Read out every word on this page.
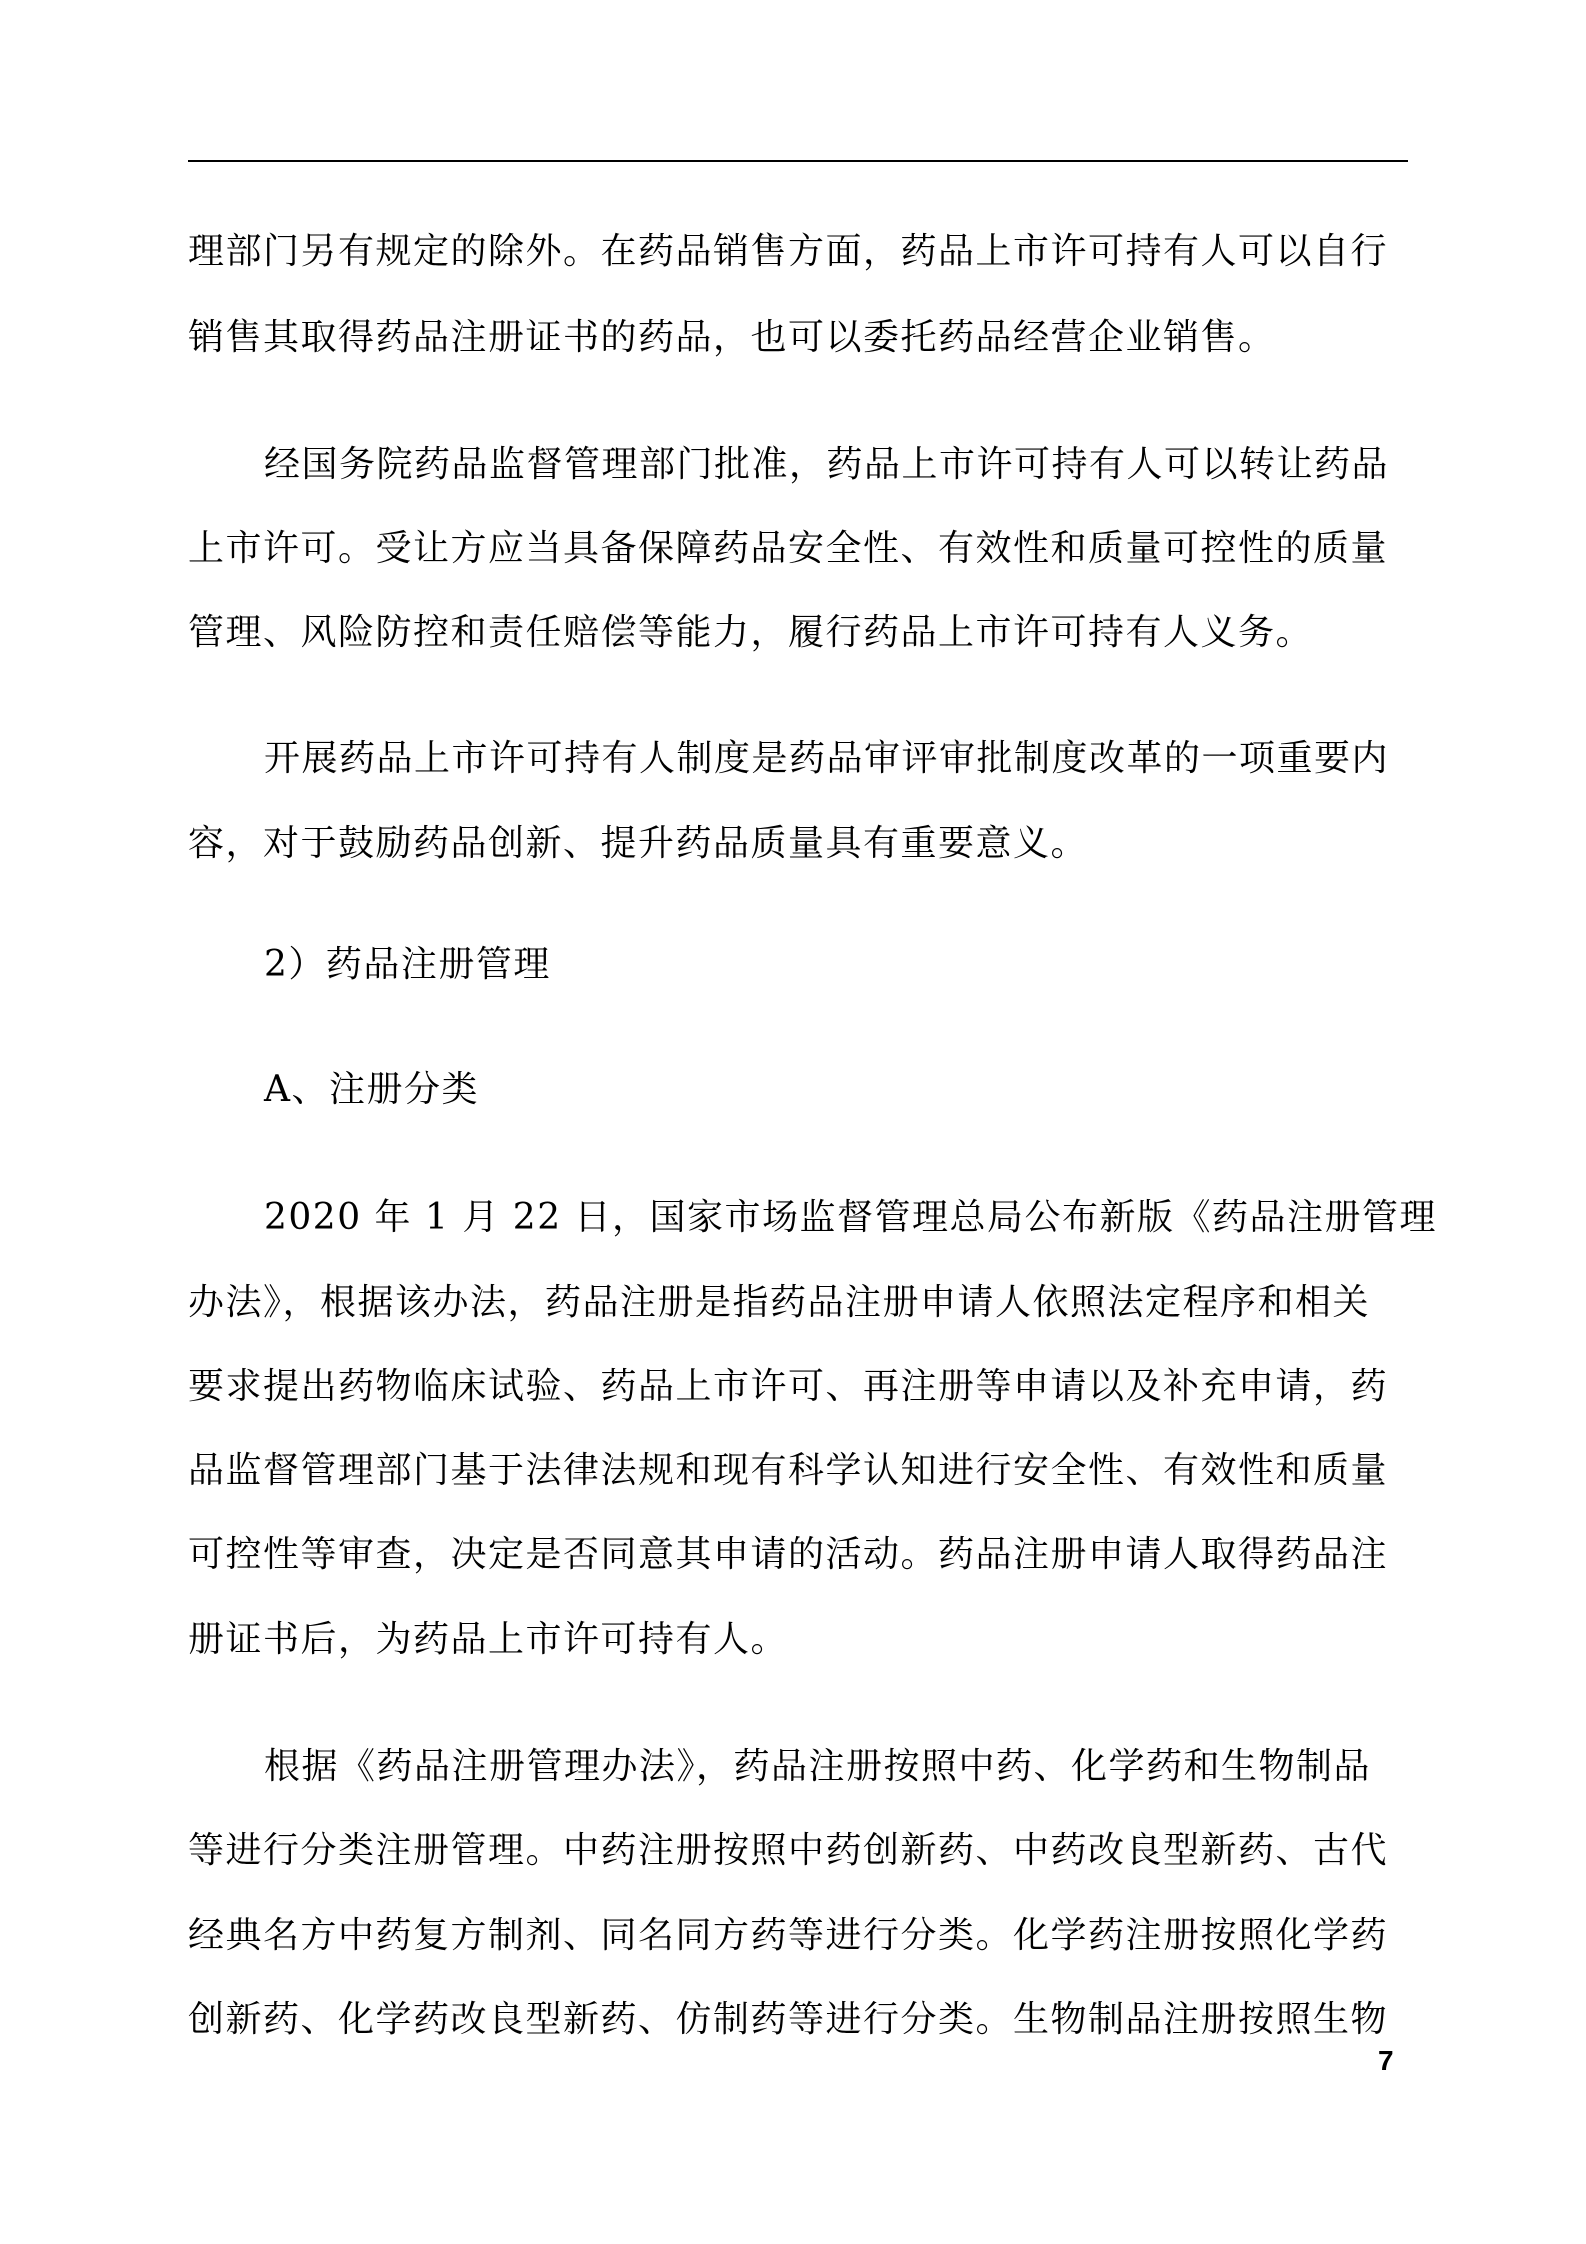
理部门另有规定的除外。在药品销售方面，药品上市许可持有人可以自行
销售其取得药品注册证书的药品，也可以委托药品经营企业销售。
经国务院药品监督管理部门批准，药品上市许可持有人可以转让药品
上市许可。受让方应当具备保障药品安全性、有效性和质量可控性的质量
管理、风险防控和责任赔偿等能力，履行药品上市许可持有人义务。
开展药品上市许可持有人制度是药品审评审批制度改革的一项重要内
容，对于鼓励药品创新、提升药品质量具有重要意义。
2）药品注册管理
A、注册分类
2020 年 1 月 22 日，国家市场监督管理总局公布新版《药品注册管理
办法》，根据该办法，药品注册是指药品注册申请人依照法定程序和相关
要求提出药物临床试验、药品上市许可、再注册等申请以及补充申请，药
品监督管理部门基于法律法规和现有科学认知进行安全性、有效性和质量
可控性等审查，决定是否同意其申请的活动。药品注册申请人取得药品注
册证书后，为药品上市许可持有人。
根据《药品注册管理办法》，药品注册按照中药、化学药和生物制品
等进行分类注册管理。中药注册按照中药创新药、中药改良型新药、古代
经典名方中药复方制剂、同名同方药等进行分类。化学药注册按照化学药
创新药、化学药改良型新药、仿制药等进行分类。生物制品注册按照生物
7
